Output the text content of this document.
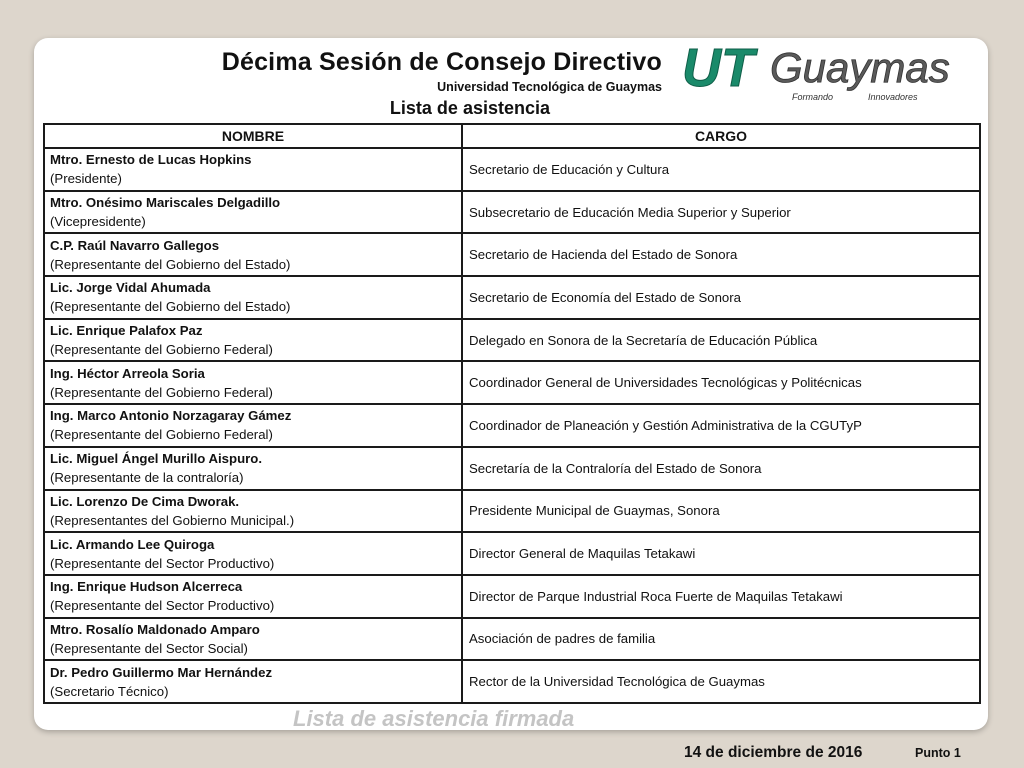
Décima Sesión de Consejo Directivo
Universidad Tecnológica de Guaymas
Lista de asistencia
UT Guaymas
Formando	Innovadores
NOMBRE	CARGO

Mtro. Ernesto de Lucas Hopkins
(Presidente)	Secretario de Educación y Cultura

Mtro. Onésimo Mariscales Delgadillo
(Vicepresidente)	Subsecretario de Educación Media Superior y Superior

C.P. Raúl Navarro Gallegos
(Representante del Gobierno del Estado)	Secretario de Hacienda del Estado de Sonora

Lic. Jorge Vidal Ahumada
(Representante del Gobierno del Estado)	Secretario de Economía del Estado de Sonora

Lic. Enrique Palafox Paz
(Representante del Gobierno Federal)	Delegado en Sonora de la Secretaría de Educación Pública

Ing. Héctor Arreola Soria
(Representante del Gobierno Federal)	Coordinador General de Universidades Tecnológicas y Politécnicas

Ing. Marco Antonio Norzagaray Gámez
(Representante del Gobierno Federal)	Coordinador de Planeación y Gestión Administrativa de la CGUTyP

Lic. Miguel Ángel Murillo Aispuro.
(Representante de la contraloría)	Secretaría de la Contraloría del Estado de Sonora

Lic. Lorenzo De Cima Dworak.
(Representantes del Gobierno Municipal.)	Presidente Municipal de Guaymas, Sonora

Lic. Armando Lee Quiroga
(Representante del Sector Productivo)	Director General de Maquilas Tetakawi

Ing. Enrique Hudson Alcerreca
(Representante del Sector Productivo)	Director de Parque Industrial Roca Fuerte de Maquilas Tetakawi

Mtro. Rosalío Maldonado Amparo
(Representante del Sector Social)	Asociación de padres de familia

Dr. Pedro Guillermo Mar Hernández
(Secretario Técnico)	Rector de la Universidad Tecnológica de Guaymas
Lista de asistencia firmada
14 de diciembre de 2016	Punto 1
